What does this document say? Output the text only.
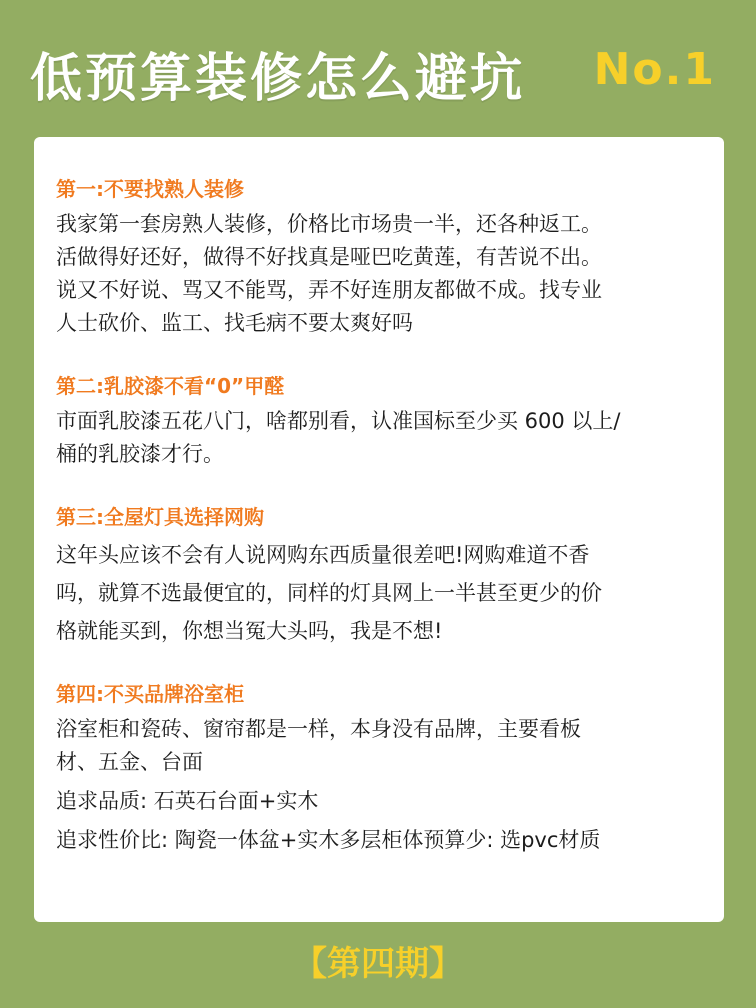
低预算装修怎么避坑 No.1
第一:不要找熟人装修

我家第一套房熟人装修，价格比市场贵一半，还各种返工。

活做得好还好，做得不好找真是哑巴吃黄莲，有苦说不出。

说又不好说、骂又不能骂，弄不好连朋友都做不成。找专业

人士砍价、监工、找毛病不要太爽好吗

第二:乳胶漆不看“0”甲醛

市面乳胶漆五花八门，啥都别看，认准国标至少买 600 以上/

桶的乳胶漆才行。

第三:全屋灯具选择网购

这年头应该不会有人说网购东西质量很差吧!网购难道不香

吗，就算不选最便宜的，同样的灯具网上一半甚至更少的价

格就能买到，你想当冤大头吗，我是不想!

第四:不买品牌浴室柜

浴室柜和瓷砖、窗帘都是一样，本身没有品牌，主要看板

材、五金、台面

追求品质: 石英石台面+实木

追求性价比: 陶瓷一体盆+实木多层柜体预算少: 选pvc材质

【第四期】
